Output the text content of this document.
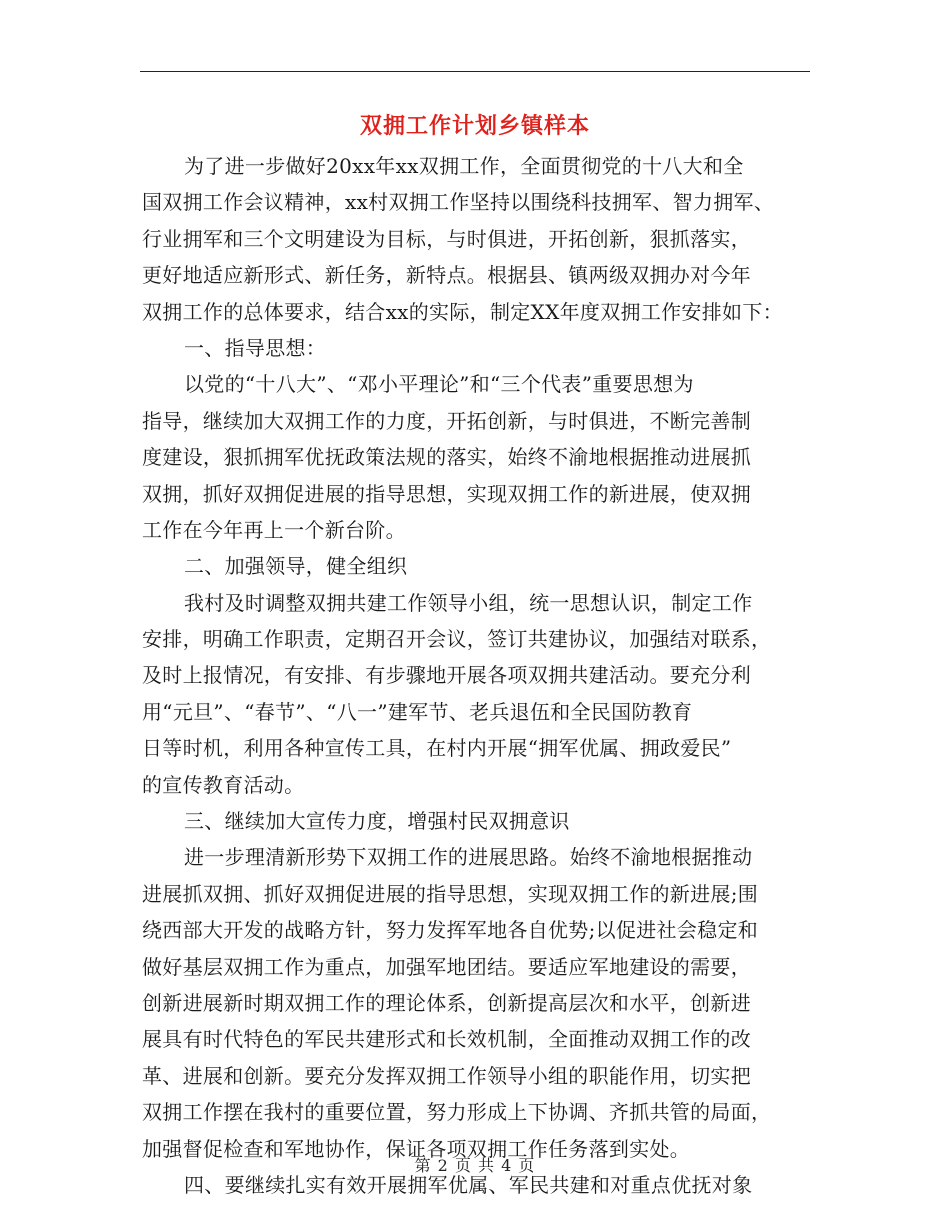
双拥工作计划乡镇样本
为了进一步做好20xx年xx双拥工作，全面贯彻党的十八大和全
国双拥工作会议精神，xx村双拥工作坚持以围绕科技拥军、智力拥军、
行业拥军和三个文明建设为目标，与时俱进，开拓创新，狠抓落实，
更好地适应新形式、新任务，新特点。根据县、镇两级双拥办对今年
双拥工作的总体要求，结合xx的实际，制定XX年度双拥工作安排如下：
一、指导思想：
以党的“十八大”、“邓小平理论”和“三个代表”重要思想为
指导，继续加大双拥工作的力度，开拓创新，与时俱进，不断完善制
度建设，狠抓拥军优抚政策法规的落实，始终不渝地根据推动进展抓
双拥，抓好双拥促进展的指导思想，实现双拥工作的新进展，使双拥
工作在今年再上一个新台阶。
二、加强领导，健全组织
我村及时调整双拥共建工作领导小组，统一思想认识，制定工作
安排，明确工作职责，定期召开会议，签订共建协议，加强结对联系，
及时上报情况，有安排、有步骤地开展各项双拥共建活动。要充分利
用“元旦”、“春节”、“八一”建军节、老兵退伍和全民国防教育
日等时机，利用各种宣传工具，在村内开展“拥军优属、拥政爱民”
的宣传教育活动。
三、继续加大宣传力度，增强村民双拥意识
进一步理清新形势下双拥工作的进展思路。始终不渝地根据推动
进展抓双拥、抓好双拥促进展的指导思想，实现双拥工作的新进展;围
绕西部大开发的战略方针，努力发挥军地各自优势;以促进社会稳定和
做好基层双拥工作为重点，加强军地团结。要适应军地建设的需要，
创新进展新时期双拥工作的理论体系，创新提高层次和水平，创新进
展具有时代特色的军民共建形式和长效机制，全面推动双拥工作的改
革、进展和创新。要充分发挥双拥工作领导小组的职能作用，切实把
双拥工作摆在我村的重要位置，努力形成上下协调、齐抓共管的局面，
加强督促检查和军地协作，保证各项双拥工作任务落到实处。
四、要继续扎实有效开展拥军优属、军民共建和对重点优抚对象
第 2 页 共 4 页
